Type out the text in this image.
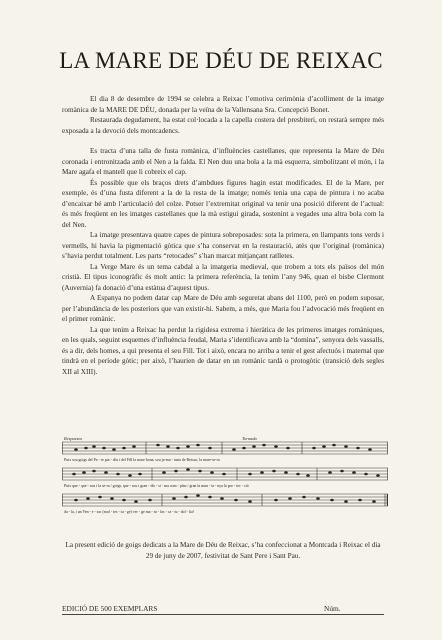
LA MARE DE DÉU DE REIXAC

El dia 8 de desembre de 1994 se celebra a Reixac l’emotiva cerimònia d’acolliment de la imatge romànica de la MARE DE DÉU, donada per la veïna de la Vallensana Sra. Concepció Bonet.

Restaurada degudament, ha estat col·locada a la capella costera del presbiteri, on restarà sempre més exposada a la devoció dels montcadencs.

Es tracta d’una talla de fusta romànica, d’influències castellanes, que representa la Mare de Déu coronada i entronitzada amb el Nen a la falda. El Nen duu una bola a la mà esquerra, simbolitzant el món, i la Mare agafa el mantell que li cobreix el cap.

És possible que els braços drets d’ambdues figures hagin estat modificades. El de la Mare, per exemple, és d’una fusta diferent a la de la resta de la imatge; només tenia una capa de pintura i no acaba d’encaixar bé amb l’articulació del colze. Potser l’extremitat original va tenir una posició diferent de l’actual: és més freqüent en les imatges castellanes que la mà estigui girada, sostenint a vegades una altra bola com la del Nen.

La imatge presentava quatre capes de pintura sobreposades: sota la primera, en llampants tons verds i vermells, hi havia la pigmentació gòtica que s’ha conservat en la restauració, atès que l’original (romànica) s’havia perdut totalment. Les parts “retocades” s’han marcat mitjançant ratlletes.

La Verge Mare és un tema cabdal a la imatgeria medieval, que trobem a tots els països del món cristià. El tipus iconogràfic és molt antic: la primera referència, la tenim l’any 946, quan el bisbe Clermont (Auvernia) fa donació d’una estàtua d’aquest tipus.

A Espanya no podem datar cap Mare de Déu amb seguretat abans del 1100, però en podem suposar, per l’abundància de les posteriors que van existir-hi. Sabem, a més, que Maria fou l’advocació més freqüent en el primer romànic.

La que tenim a Reixac ha perdut la rigidesa extrema i hieràtica de les primeres imatges romàniques, en les quals, seguint esquemes d’influència feudal, Maria s’identificava amb la “domina”, senyora dels vassalls, és a dir, dels homes, a qui presenta el seu Fill. Tot i això, encara no arriba a tenir el gest afectuós i maternal que tindrà en el període gòtic; per això, l’haurien de datar en un romànic tardà o protogòtic (transició dels segles XII al XIII).

Respuesta	Tornada
Puix sou goigs del Pa - re pia - dós i del Fill la mare bona, sou ja-ma - tasta de Reixac, la mare-se-ra
Puix que - que - sou i la se-ra / goigs, que - sou i gran - dís - si - ma com - plau / gran la mun - ta - nya la pro - tec - ció
da - la, i un Ven - e - sor (mol - tes - tu - ge) ver - ge ma - ni - fas - ca - tu - dol - lia!
La present edició de goigs dedicats a la Mare de Déu de Reixac, s’ha confeccionat a Montcada i Reixac el dia 29 de juny de 2007, festivitat de Sant Pere i Sant Pau.
EDICIÓ DE 500 EXEMPLARS	Núm.
